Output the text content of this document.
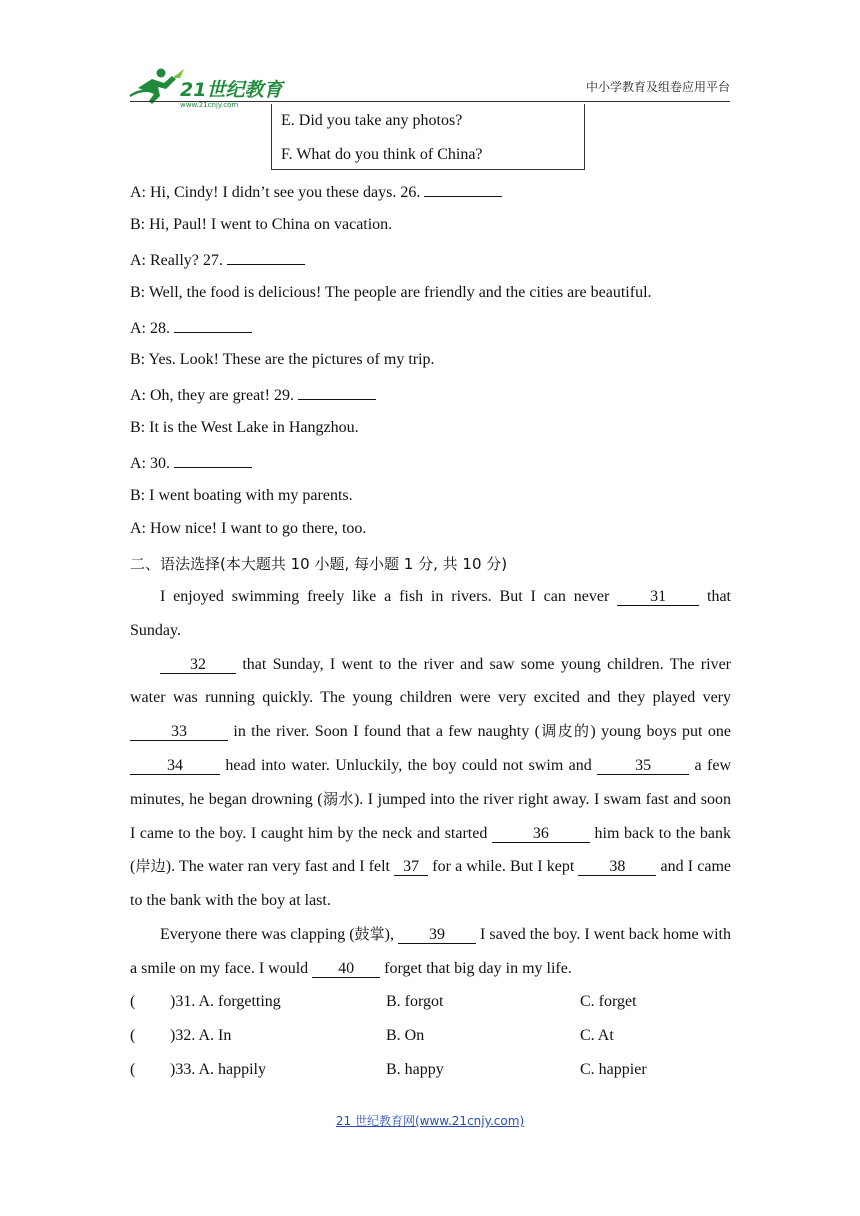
21世纪教育
www.21cnjy.com
中小学教育及组卷应用平台
E. Did you take any photos?
F. What do you think of China?
A: Hi, Cindy! I didn’t see you these days. 26.
B: Hi, Paul! I went to China on vacation.
A: Really? 27.
B: Well, the food is delicious! The people are friendly and the cities are beautiful.
A: 28.
B: Yes. Look! These are the pictures of my trip.
A: Oh, they are great! 29.
B: It is the West Lake in Hangzhou.
A: 30.
B: I went boating with my parents.
A: How nice! I want to go there, too.
二、语法选择(本大题共 10 小题, 每小题 1 分, 共 10 分)

I enjoyed swimming freely like a fish in rivers. But I can never 31 that Sunday.

32 that Sunday, I went to the river and saw some young children. The river water was running quickly. The young children were very excited and they played very 33	in the river. Soon I found that a few naughty (调皮的) young boys put one 34 head into water. Unluckily, the boy could not swim and 35 a few minutes, he began drowning (溺水). I jumped into the river right away. I swam fast and soon I came to the boy. I caught him by the neck and started	36	him back to the bank (岸边). The water ran very fast and I felt 37 for a while. But I kept 38 and I came to the bank with the boy at last.

Everyone there was clapping (鼓掌), 39 I saved the boy. I went back home with a smile on my face. I would 40 forget that big day in my life.

( )31. A. forgetting	B. forgot	C. forget
( )32. A. In	B. On	C. At
( )33. A. happily	B. happy	C. happier
21 世纪教育网(www.21cnjy.com)
